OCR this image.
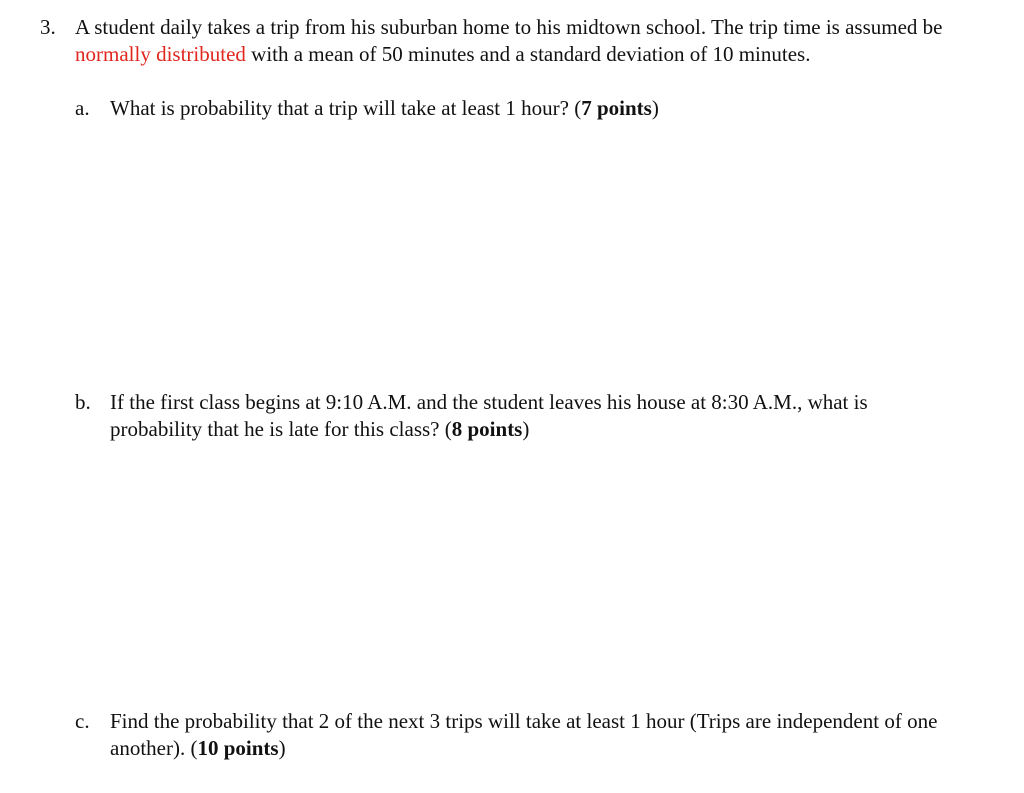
3. A student daily takes a trip from his suburban home to his midtown school. The trip time is assumed be normally distributed with a mean of 50 minutes and a standard deviation of 10 minutes.
a. What is probability that a trip will take at least 1 hour? (7 points)
b. If the first class begins at 9:10 A.M. and the student leaves his house at 8:30 A.M., what is probability that he is late for this class? (8 points)
c. Find the probability that 2 of the next 3 trips will take at least 1 hour (Trips are independent of one another). (10 points)
